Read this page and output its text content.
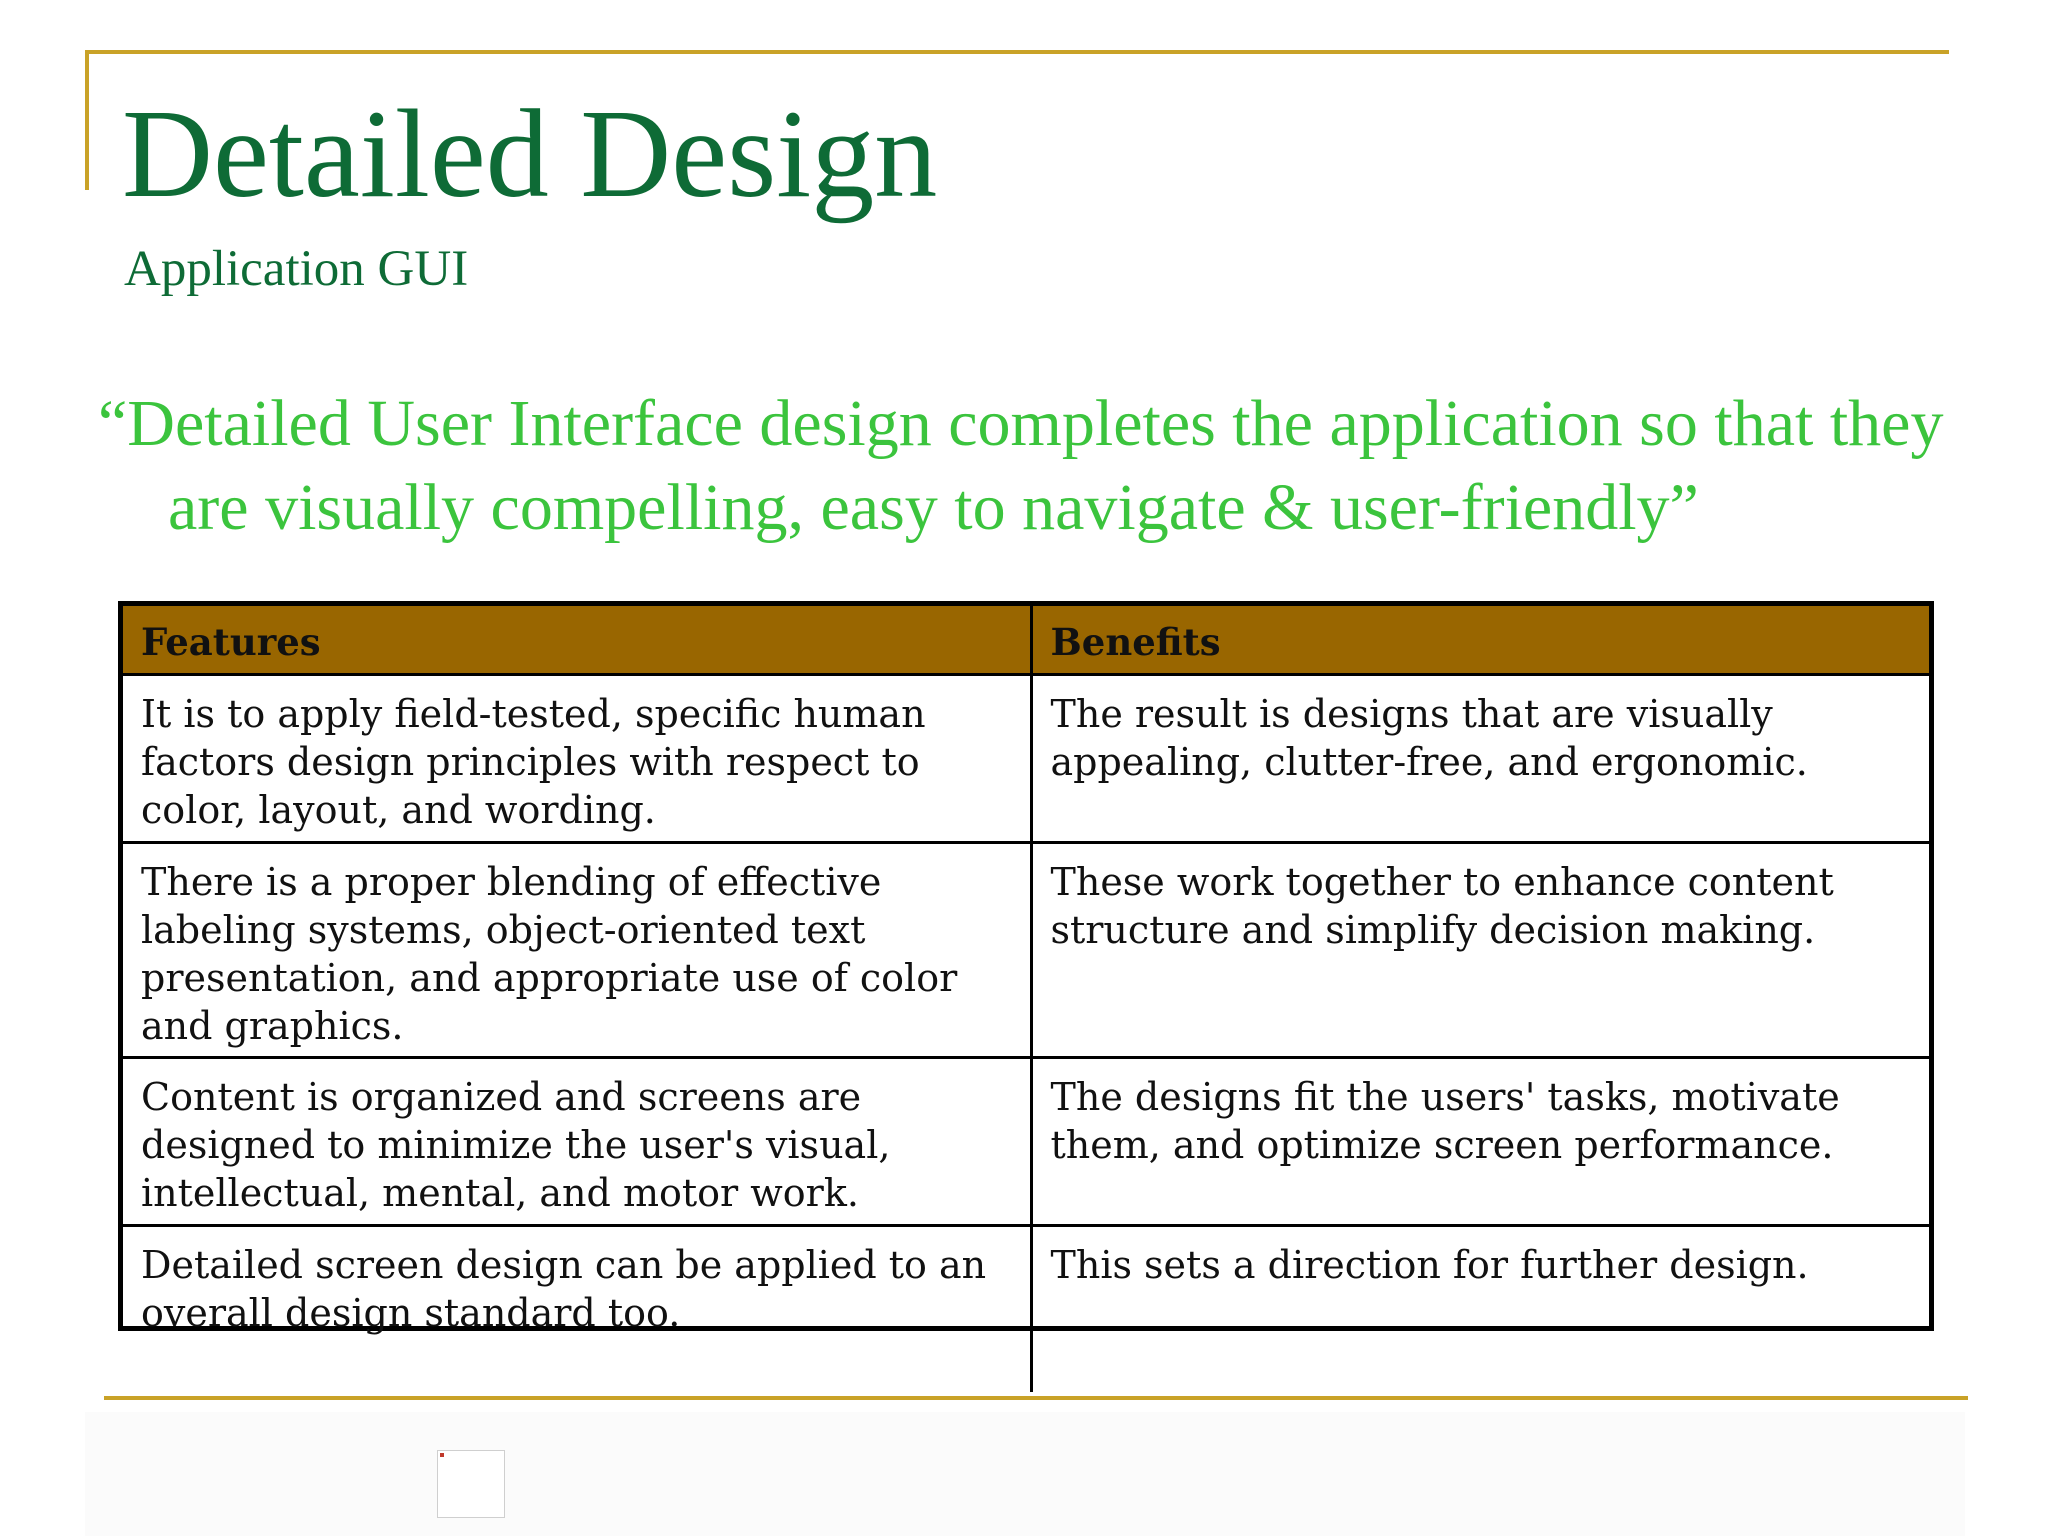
Detailed Design
Application GUI

“Detailed User Interface design completes the application so that they are visually compelling, easy to navigate & user-friendly”

Features	Benefits
It is to apply field-tested, specific human factors design principles with respect to color, layout, and wording.	The result is designs that are visually appealing, clutter-free, and ergonomic.
There is a proper blending of effective labeling systems, object-oriented text presentation, and appropriate use of color and graphics.	These work together to enhance content structure and simplify decision making.
Content is organized and screens are designed to minimize the user's visual, intellectual, mental, and motor work.	The designs fit the users' tasks, motivate them, and optimize screen performance.
Detailed screen design can be applied to an overall design standard too.	This sets a direction for further design.
